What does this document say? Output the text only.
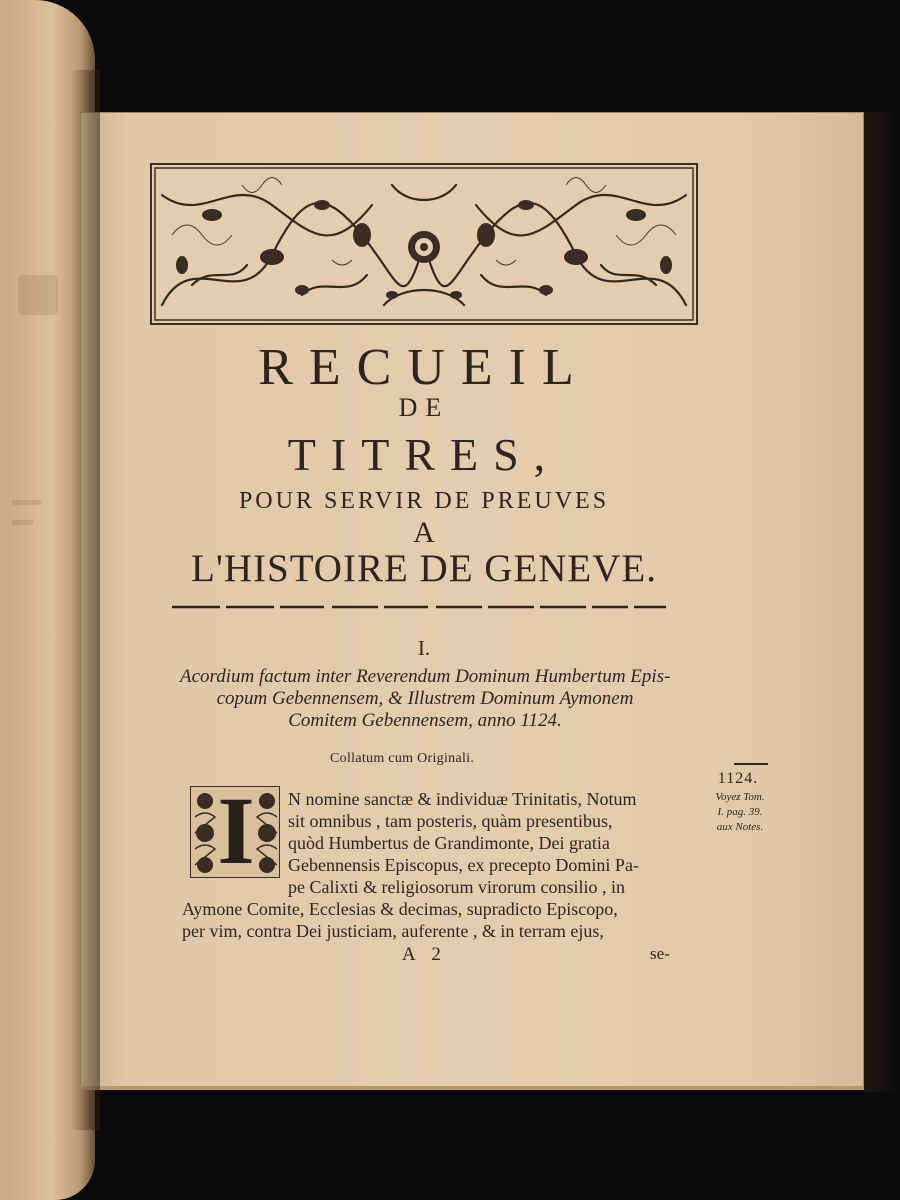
RECUEIL
DE
TITRES,
POUR SERVIR DE PREUVES
A
L'HISTOIRE DE GENEVE.
I.
Acordium factum inter Reverendum Dominum Humbertum Epis-
copum Gebennensem, & Illustrem Dominum Aymonem
Comitem Gebennensem, anno 1124.
Collatum cum Originali.
I	N nomine sanctæ & individuæ Trinitatis, Notum
sit omnibus , tam posteris, quàm presentibus,
quòd Humbertus de Grandimonte, Dei gratia
Gebennensis Episcopus, ex precepto Domini Pa-
pe Calixti & religiosorum virorum consilio , in
Aymone Comite, Ecclesias & decimas, supradicto Episcopo,
per vim, contra Dei justiciam, auferente , & in terram ejus,
A 2	se-
1124.
Voyez Tom.
I. pag. 39.
aux Notes.
